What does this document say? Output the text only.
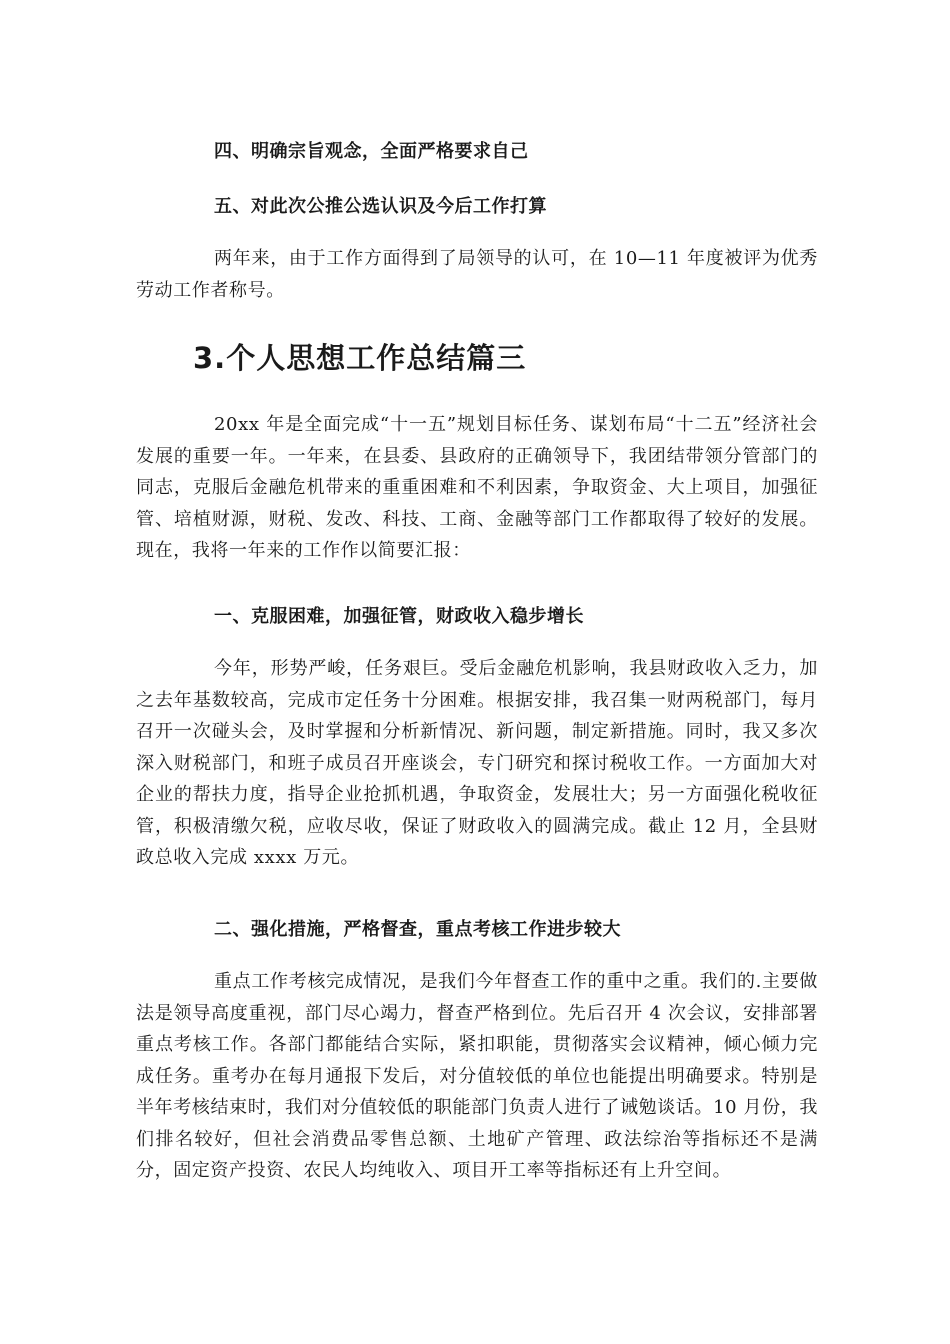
四、明确宗旨观念，全面严格要求自己
五、对此次公推公选认识及今后工作打算
两年来，由于工作方面得到了局领导的认可，在 10—11 年度被评为优秀劳动工作者称号。
3.个人思想工作总结篇三
20xx 年是全面完成“十一五”规划目标任务、谋划布局“十二五”经济社会发展的重要一年。一年来，在县委、县政府的正确领导下，我团结带领分管部门的同志，克服后金融危机带来的重重困难和不利因素，争取资金、大上项目，加强征管、培植财源，财税、发改、科技、工商、金融等部门工作都取得了较好的发展。现在，我将一年来的工作作以简要汇报：
一、克服困难，加强征管，财政收入稳步增长
今年，形势严峻，任务艰巨。受后金融危机影响，我县财政收入乏力，加之去年基数较高，完成市定任务十分困难。根据安排，我召集一财两税部门，每月召开一次碰头会，及时掌握和分析新情况、新问题，制定新措施。同时，我又多次深入财税部门，和班子成员召开座谈会，专门研究和探讨税收工作。一方面加大对企业的帮扶力度，指导企业抢抓机遇，争取资金，发展壮大；另一方面强化税收征管，积极清缴欠税，应收尽收，保证了财政收入的圆满完成。截止 12 月，全县财政总收入完成 xxxx 万元。
二、强化措施，严格督查，重点考核工作进步较大
重点工作考核完成情况，是我们今年督查工作的重中之重。我们的.主要做法是领导高度重视，部门尽心竭力，督查严格到位。先后召开 4 次会议，安排部署重点考核工作。各部门都能结合实际，紧扣职能，贯彻落实会议精神，倾心倾力完成任务。重考办在每月通报下发后，对分值较低的单位也能提出明确要求。特别是半年考核结束时，我们对分值较低的职能部门负责人进行了诫勉谈话。10 月份，我们排名较好，但社会消费品零售总额、土地矿产管理、政法综治等指标还不是满分，固定资产投资、农民人均纯收入、项目开工率等指标还有上升空间。
